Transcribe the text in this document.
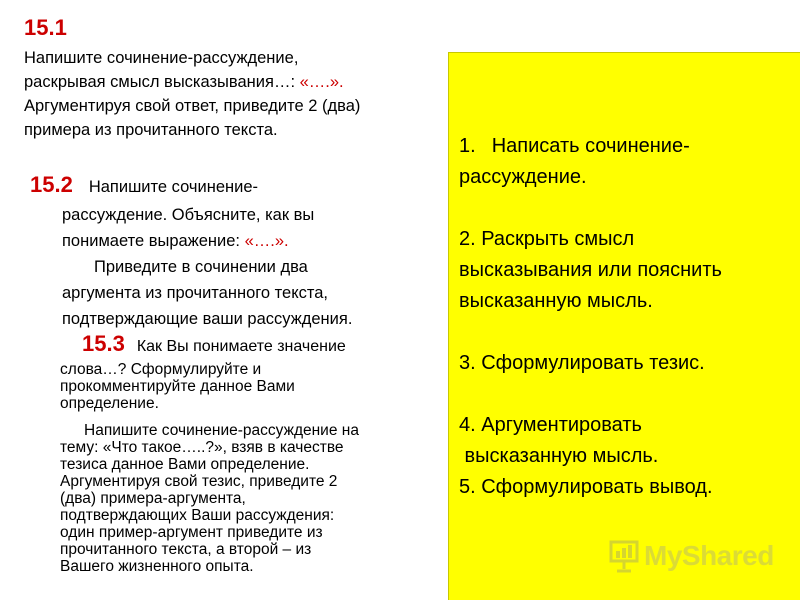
15.1
Напишите сочинение-рассуждение,
раскрывая смысл высказывания…: «….».
Аргументируя свой ответ, приведите 2 (два)
примера из прочитанного текста.
15.2 Напишите сочинение-
рассуждение. Объясните, как вы
понимаете выражение: «….».
Приведите в сочинении два
аргумента из прочитанного текста,
подтверждающие ваши рассуждения.
15.3 Как Вы понимаете значение
слова…? Сформулируйте и
прокомментируйте данное Вами
определение.
Напишите сочинение-рассуждение на
тему: «Что такое…..?», взяв в качестве
тезиса данное Вами определение.
Аргументируя свой тезис, приведите 2
(два) примера-аргумента,
подтверждающих Ваши рассуждения:
один пример-аргумент приведите из
прочитанного текста, а второй – из
Вашего жизненного опыта.
1. Написать сочинение-
рассуждение.
2. Раскрыть смысл
высказывания или пояснить
высказанную мысль.
3. Сформулировать тезис.
4. Аргументировать
высказанную мысль.
5. Сформулировать вывод.
MyShared
